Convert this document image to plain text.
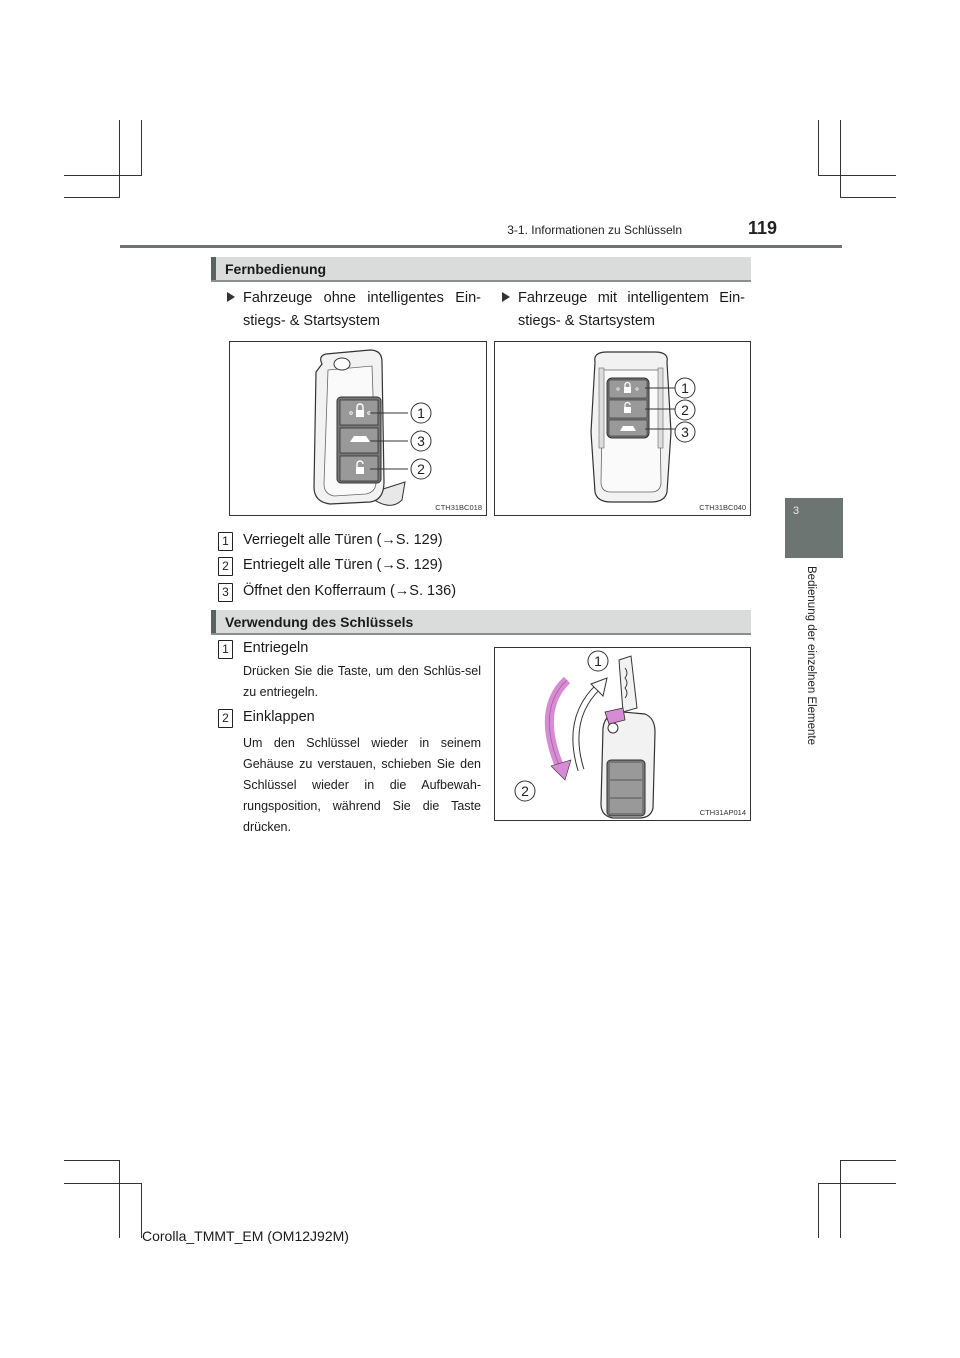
3-1. Informationen zu Schlüsseln	119
3
Bedienung der einzelnen Elemente
Fernbedienung
Fahrzeuge ohne intelligentes Ein-stiegs- & Startsystem
Fahrzeuge mit intelligentem Ein-stiegs- & Startsystem
1
3
2
CTH31BC018
1
2
3
CTH31BC040
1 Verriegelt alle Türen (→S. 129)
2 Entriegelt alle Türen (→S. 129)
3 Öffnet den Kofferraum (→S. 136)
Verwendung des Schlüssels
1 Entriegeln
Drücken Sie die Taste, um den Schlüs-sel zu entriegeln.
2 Einklappen
Um den Schlüssel wieder in seinem Gehäuse zu verstauen, schieben Sie den Schlüssel wieder in die Aufbewah-rungsposition, während Sie die Taste drücken.
1
2
CTH31AP014
Corolla_TMMT_EM (OM12J92M)
